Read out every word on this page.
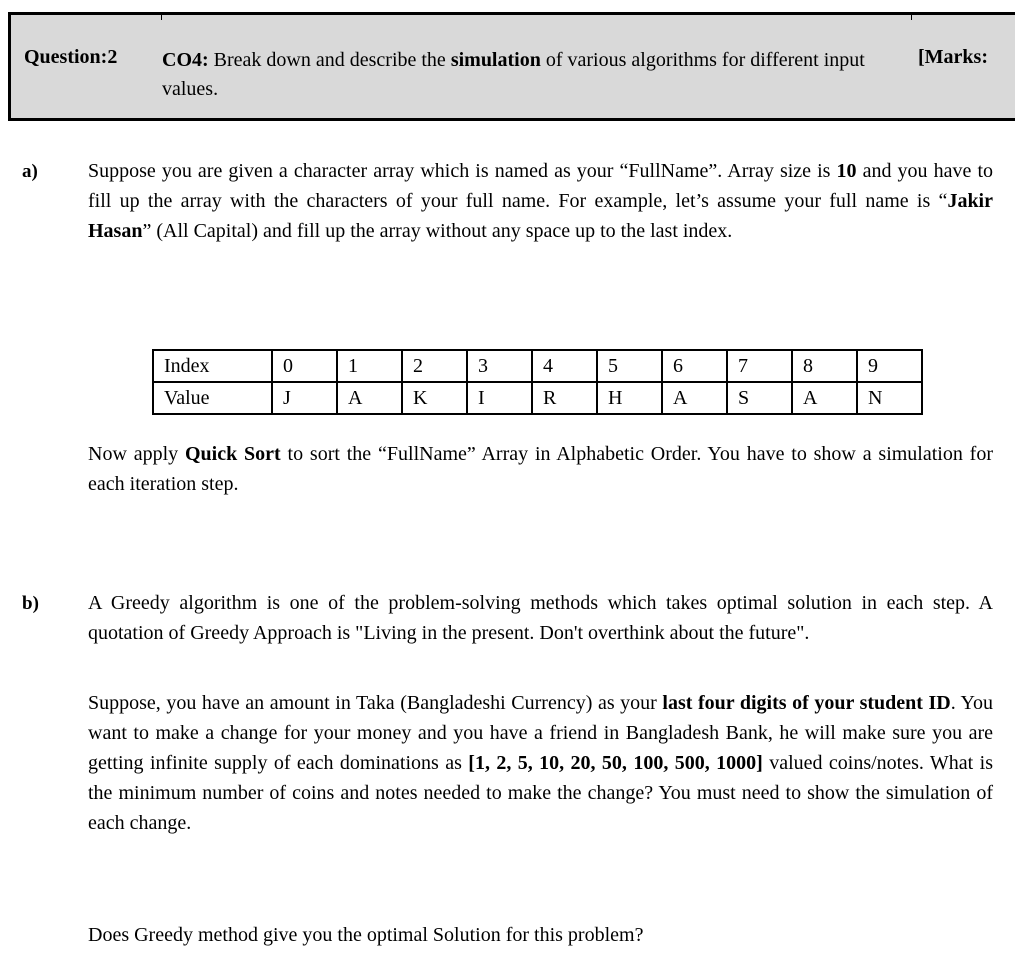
Question:2 CO4: Break down and describe the simulation of various algorithms for different input values.
[Marks:
a)	Suppose you are given a character array which is named as your “FullName”. Array size is 10 and you have to fill up the array with the characters of your full name. For example, let’s assume your full name is “Jakir Hasan” (All Capital) and fill up the array without any space up to the last index.

Index	0	1	2	3	4	5	6	7	8	9
Value	J	A	K	I	R	H	A	S	A	N

Now apply Quick Sort to sort the “FullName” Array in Alphabetic Order. You have to show a simulation for each iteration step.

b) A Greedy algorithm is one of the problem-solving methods which takes optimal solution in each step. A quotation of Greedy Approach is "Living in the present. Don't overthink about the future".

Suppose, you have an amount in Taka (Bangladeshi Currency) as your last four digits of your student ID. You want to make a change for your money and you have a friend in Bangladesh Bank, he will make sure you are getting infinite supply of each dominations as [1, 2, 5, 10, 20, 50, 100, 500, 1000] valued coins/notes. What is the minimum number of coins and notes needed to make the change? You must need to show the simulation of each change.

Does Greedy method give you the optimal Solution for this problem?
